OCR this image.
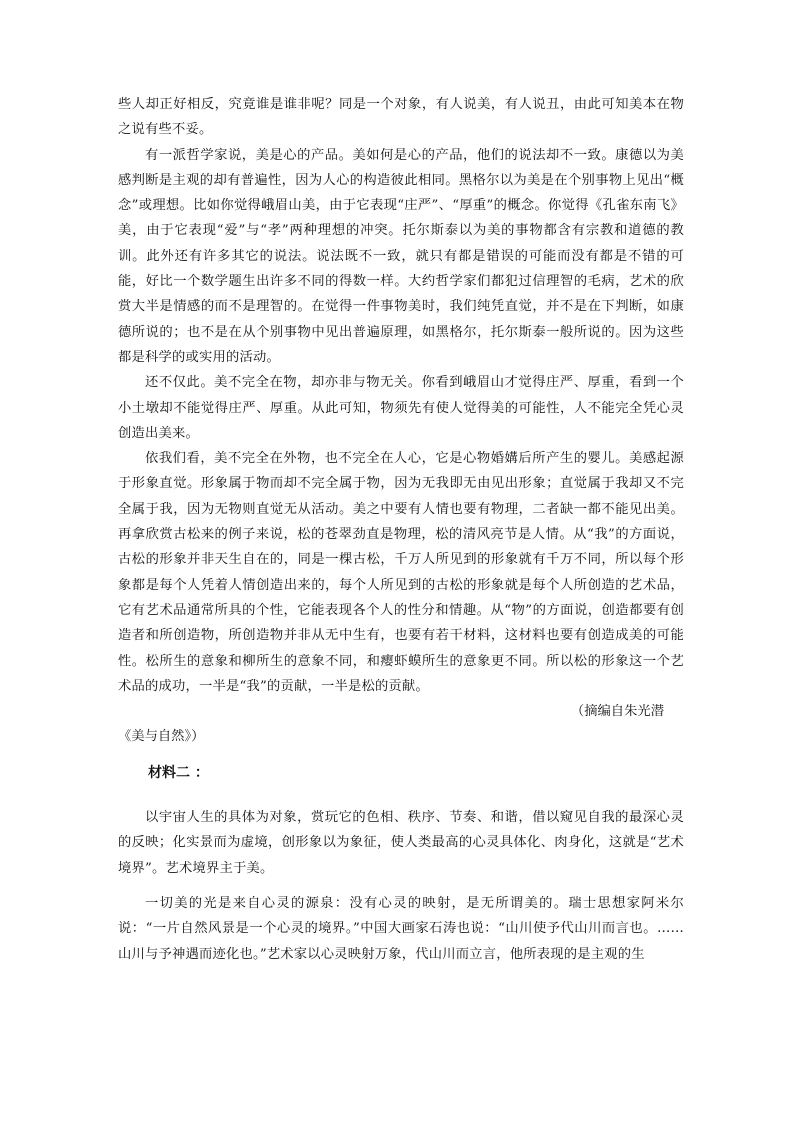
些人却正好相反，究竟谁是谁非呢？同是一个对象，有人说美，有人说丑，由此可知美本在物之说有些不妥。

有一派哲学家说，美是心的产品。美如何是心的产品，他们的说法却不一致。康德以为美感判断是主观的却有普遍性，因为人心的构造彼此相同。黑格尔以为美是在个别事物上见出“概念”或理想。比如你觉得峨眉山美，由于它表现“庄严”、“厚重”的概念。你觉得《孔雀东南飞》美，由于它表现“爱”与“孝”两种理想的冲突。托尔斯泰以为美的事物都含有宗教和道德的教训。此外还有许多其它的说法。说法既不一致，就只有都是错误的可能而没有都是不错的可能，好比一个数学题生出许多不同的得数一样。大约哲学家们都犯过信理智的毛病，艺术的欣赏大半是情感的而不是理智的。在觉得一件事物美时，我们纯凭直觉，并不是在下判断，如康德所说的；也不是在从个别事物中见出普遍原理，如黑格尔，托尔斯泰一般所说的。因为这些都是科学的或实用的活动。

还不仅此。美不完全在物，却亦非与物无关。你看到峨眉山才觉得庄严、厚重，看到一个小土墩却不能觉得庄严、厚重。从此可知，物须先有使人觉得美的可能性，人不能完全凭心灵创造出美来。

依我们看，美不完全在外物，也不完全在人心，它是心物婚媾后所产生的婴儿。美感起源于形象直觉。形象属于物而却不完全属于物，因为无我即无由见出形象；直觉属于我却又不完全属于我，因为无物则直觉无从活动。美之中要有人情也要有物理，二者缺一都不能见出美。再拿欣赏古松来的例子来说，松的苍翠劲直是物理，松的清风亮节是人情。从“我”的方面说，古松的形象并非天生自在的，同是一棵古松，千万人所见到的形象就有千万不同，所以每个形象都是每个人凭着人情创造出来的，每个人所见到的古松的形象就是每个人所创造的艺术品，它有艺术品通常所具的个性，它能表现各个人的性分和情趣。从“物”的方面说，创造都要有创造者和所创造物，所创造物并非从无中生有，也要有若干材料，这材料也要有创造成美的可能性。松所生的意象和柳所生的意象不同，和瘿虾蟆所生的意象更不同。所以松的形象这一个艺术品的成功，一半是“我”的贡献，一半是松的贡献。

（摘编自朱光潜

《美与自然》）

材料二 ：

以宇宙人生的具体为对象，赏玩它的色相、秩序、节奏、和谐，借以窥见自我的最深心灵的反映；化实景而为虚境，创形象以为象征，使人类最高的心灵具体化、肉身化，这就是“艺术境界”。艺术境界主于美。

一切美的光是来自心灵的源泉：没有心灵的映射，是无所谓美的。瑞士思想家阿米尔说：“一片自然风景是一个心灵的境界。”中国大画家石涛也说：“山川使予代山川而言也。……山川与予神遇而迹化也。”艺术家以心灵映射万象，代山川而立言，他所表现的是主观的生
